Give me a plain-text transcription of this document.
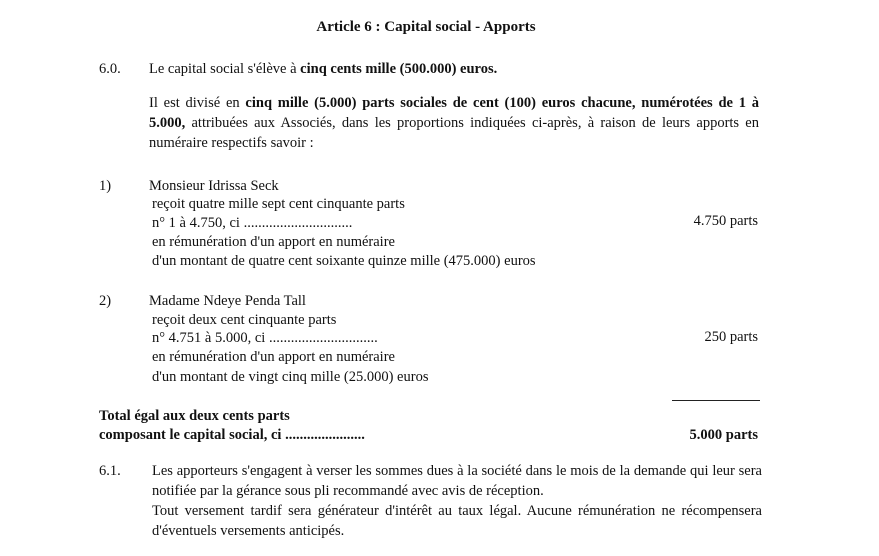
Article 6 : Capital social - Apports
6.0. Le capital social s'élève à cinq cents mille (500.000) euros.
Il est divisé en cinq mille (5.000) parts sociales de cent (100) euros chacune, numérotées de 1 à 5.000, attribuées aux Associés, dans les proportions indiquées ci-après, à raison de leurs apports en numéraire respectifs savoir :
1)	Monsieur Idrissa Seck
reçoit quatre mille sept cent cinquante parts
n° 1 à 4.750, ci ..............................	4.750 parts
en rémunération d'un apport en numéraire
d'un montant de quatre cent soixante quinze mille (475.000) euros
2)	Madame Ndeye Penda Tall
reçoit deux cent cinquante parts
n° 4.751 à 5.000, ci ..............................	250 parts
en rémunération d'un apport en numéraire
d'un montant de vingt cinq mille (25.000) euros
Total égal aux deux cents parts
composant le capital social, ci ......................	5.000 parts
6.1. Les apporteurs s'engagent à verser les sommes dues à la société dans le mois de la demande qui leur sera notifiée par la gérance sous pli recommandé avec avis de réception.
Tout versement tardif sera générateur d'intérêt au taux légal. Aucune rémunération ne récompensera d'éventuels versements anticipés.
